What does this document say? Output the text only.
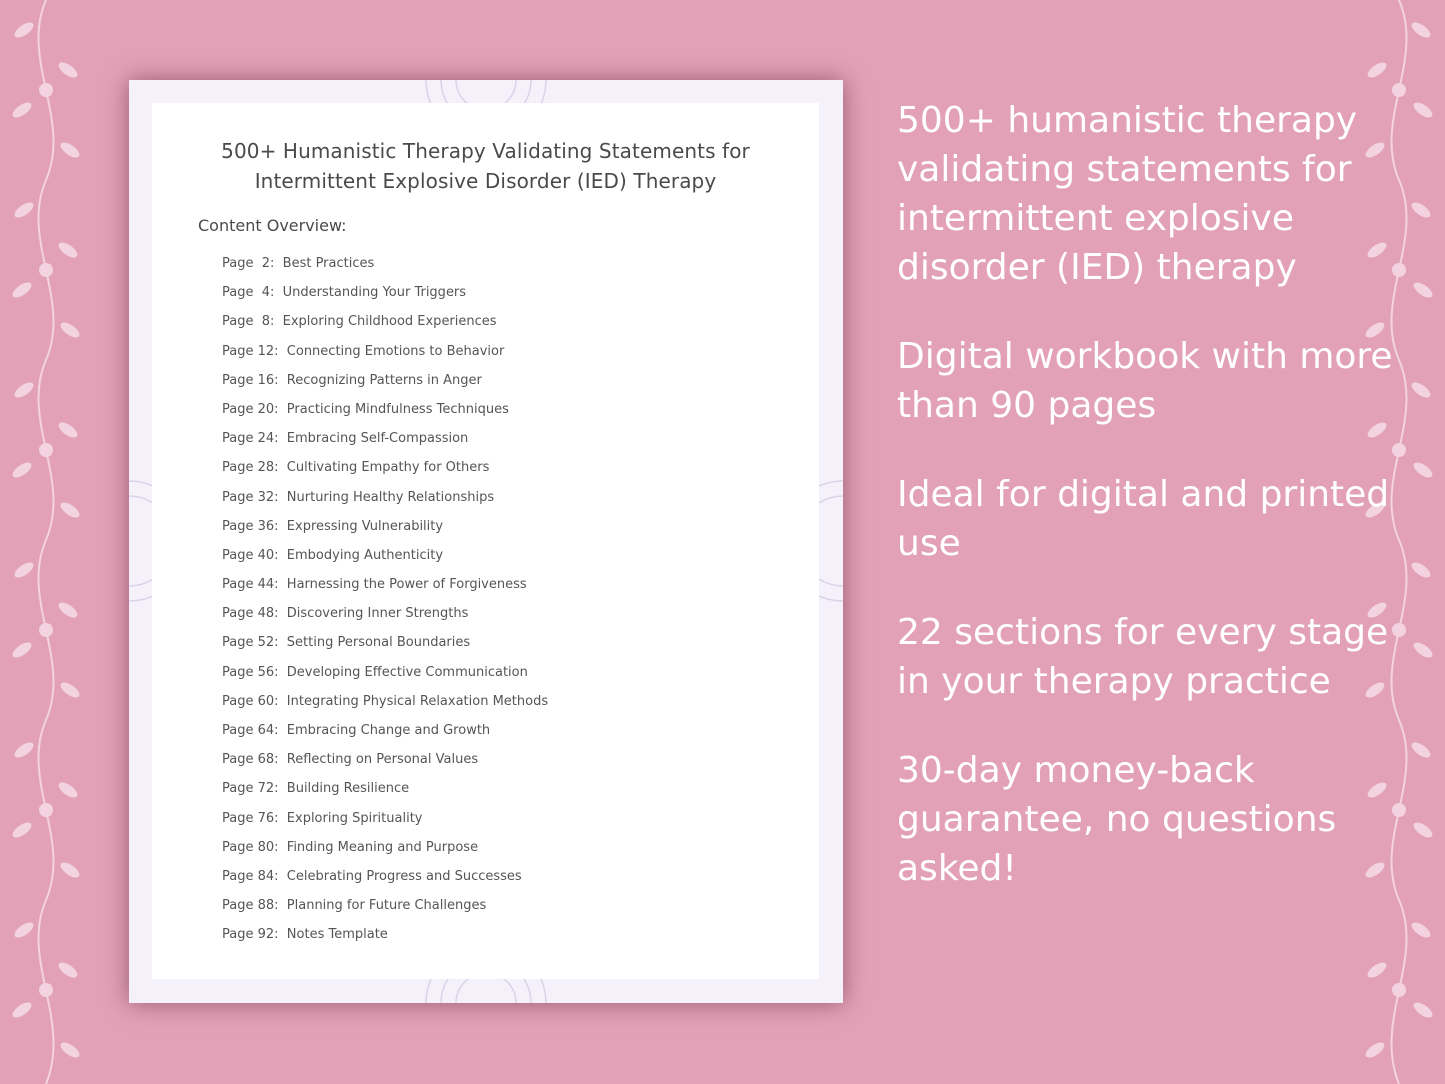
500+ Humanistic Therapy Validating Statements for
Intermittent Explosive Disorder (IED) Therapy
Content Overview:
Page  2:  Best Practices
Page  4:  Understanding Your Triggers
Page  8:  Exploring Childhood Experiences
Page 12:  Connecting Emotions to Behavior
Page 16:  Recognizing Patterns in Anger
Page 20:  Practicing Mindfulness Techniques
Page 24:  Embracing Self-Compassion
Page 28:  Cultivating Empathy for Others
Page 32:  Nurturing Healthy Relationships
Page 36:  Expressing Vulnerability
Page 40:  Embodying Authenticity
Page 44:  Harnessing the Power of Forgiveness
Page 48:  Discovering Inner Strengths
Page 52:  Setting Personal Boundaries
Page 56:  Developing Effective Communication
Page 60:  Integrating Physical Relaxation Methods
Page 64:  Embracing Change and Growth
Page 68:  Reflecting on Personal Values
Page 72:  Building Resilience
Page 76:  Exploring Spirituality
Page 80:  Finding Meaning and Purpose
Page 84:  Celebrating Progress and Successes
Page 88:  Planning for Future Challenges
Page 92:  Notes Template

500+ humanistic therapy validating statements for intermittent explosive disorder (IED) therapy

Digital workbook with more than 90 pages

Ideal for digital and printed use

22 sections for every stage in your therapy practice

30-day money-back guarantee, no questions asked!
